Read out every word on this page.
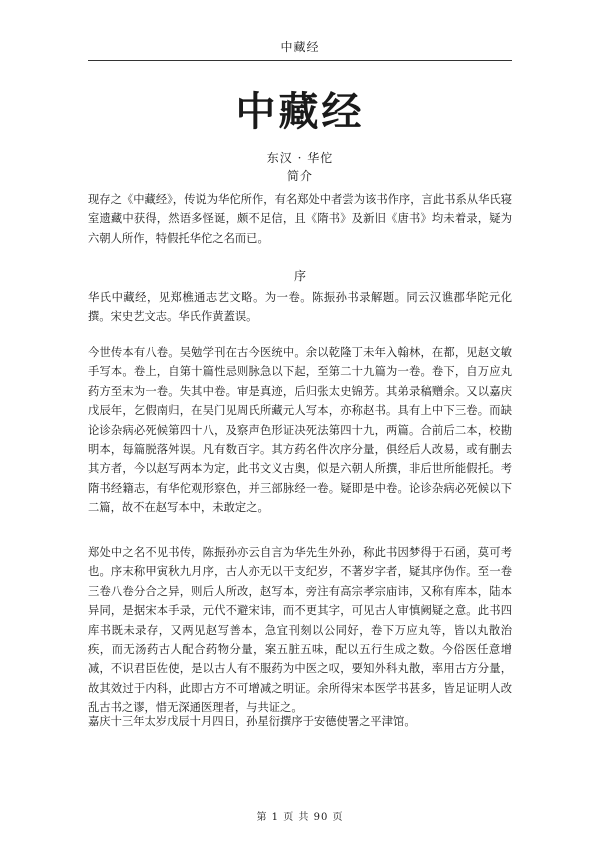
中藏经
中藏经
东汉 · 华佗
简介

现存之《中藏经》，传说为华佗所作，有名郑处中者尝为该书作序，言此书系从华氏寝室遗藏中获得，然语多怪诞，颇不足信，且《隋书》及新旧《唐书》均未着录，疑为六朝人所作，特假托华佗之名而已。

序

华氏中藏经，见郑樵通志艺文略。为一卷。陈振孙书录解题。同云汉谯郡华陀元化撰。宋史艺文志。华氏作黄蓋误。

今世传本有八卷。吴勉学刊在古今医统中。余以乾隆丁未年入翰林，在都，见赵文敏手写本。卷上，自第十篇性忌则脉急以下起，至第二十九篇为一卷。卷下，自万应丸药方至末为一卷。失其中卷。审是真迹，后归张太史锦芳。其弟录稿赠余。又以嘉庆戊辰年，乞假南归，在吴门见周氏所藏元人写本，亦称赵书。具有上中下三卷。而缺论诊杂病必死候第四十八，及察声色形证决死法第四十九，两篇。合前后二本，校勘明本，每篇脱落舛误。凡有数百字。其方药名件次序分量，俱经后人改易，或有删去其方者，今以赵写两本为定，此书文义古奥，似是六朝人所撰，非后世所能假托。考隋书经籍志，有华佗观形察色，并三部脉经一卷。疑即是中卷。论诊杂病必死候以下二篇，故不在赵写本中，未敢定之。

郑处中之名不见书传，陈振孙亦云自言为华先生外孙，称此书因梦得于石函，莫可考也。序末称甲寅秋九月序，古人亦无以干支纪岁，不著岁字者，疑其序伪作。至一卷三卷八卷分合之异，则后人所改，赵写本，旁注有高宗孝宗庙讳，又称有库本，陆本异同，是据宋本手录，元代不避宋讳，而不更其字，可见古人审慎阙疑之意。此书四库书既未录存，又两见赵写善本，急宜刊刻以公同好，卷下万应丸等，皆以丸散治疾，而无汤药古人配合药物分量，案五脏五味，配以五行生成之数。今俗医任意增减，不识君臣佐使，是以古人有不服药为中医之叹，要知外科丸散，率用古方分量，故其效过于内科，此即古方不可增减之明证。余所得宋本医学书甚多，皆足证明人改乱古书之谬，惜无深通医理者，与共证之。

嘉庆十三年太岁戊辰十月四日，孙星衍撰序于安德使署之平津馆。

第 1 页 共 90 页
